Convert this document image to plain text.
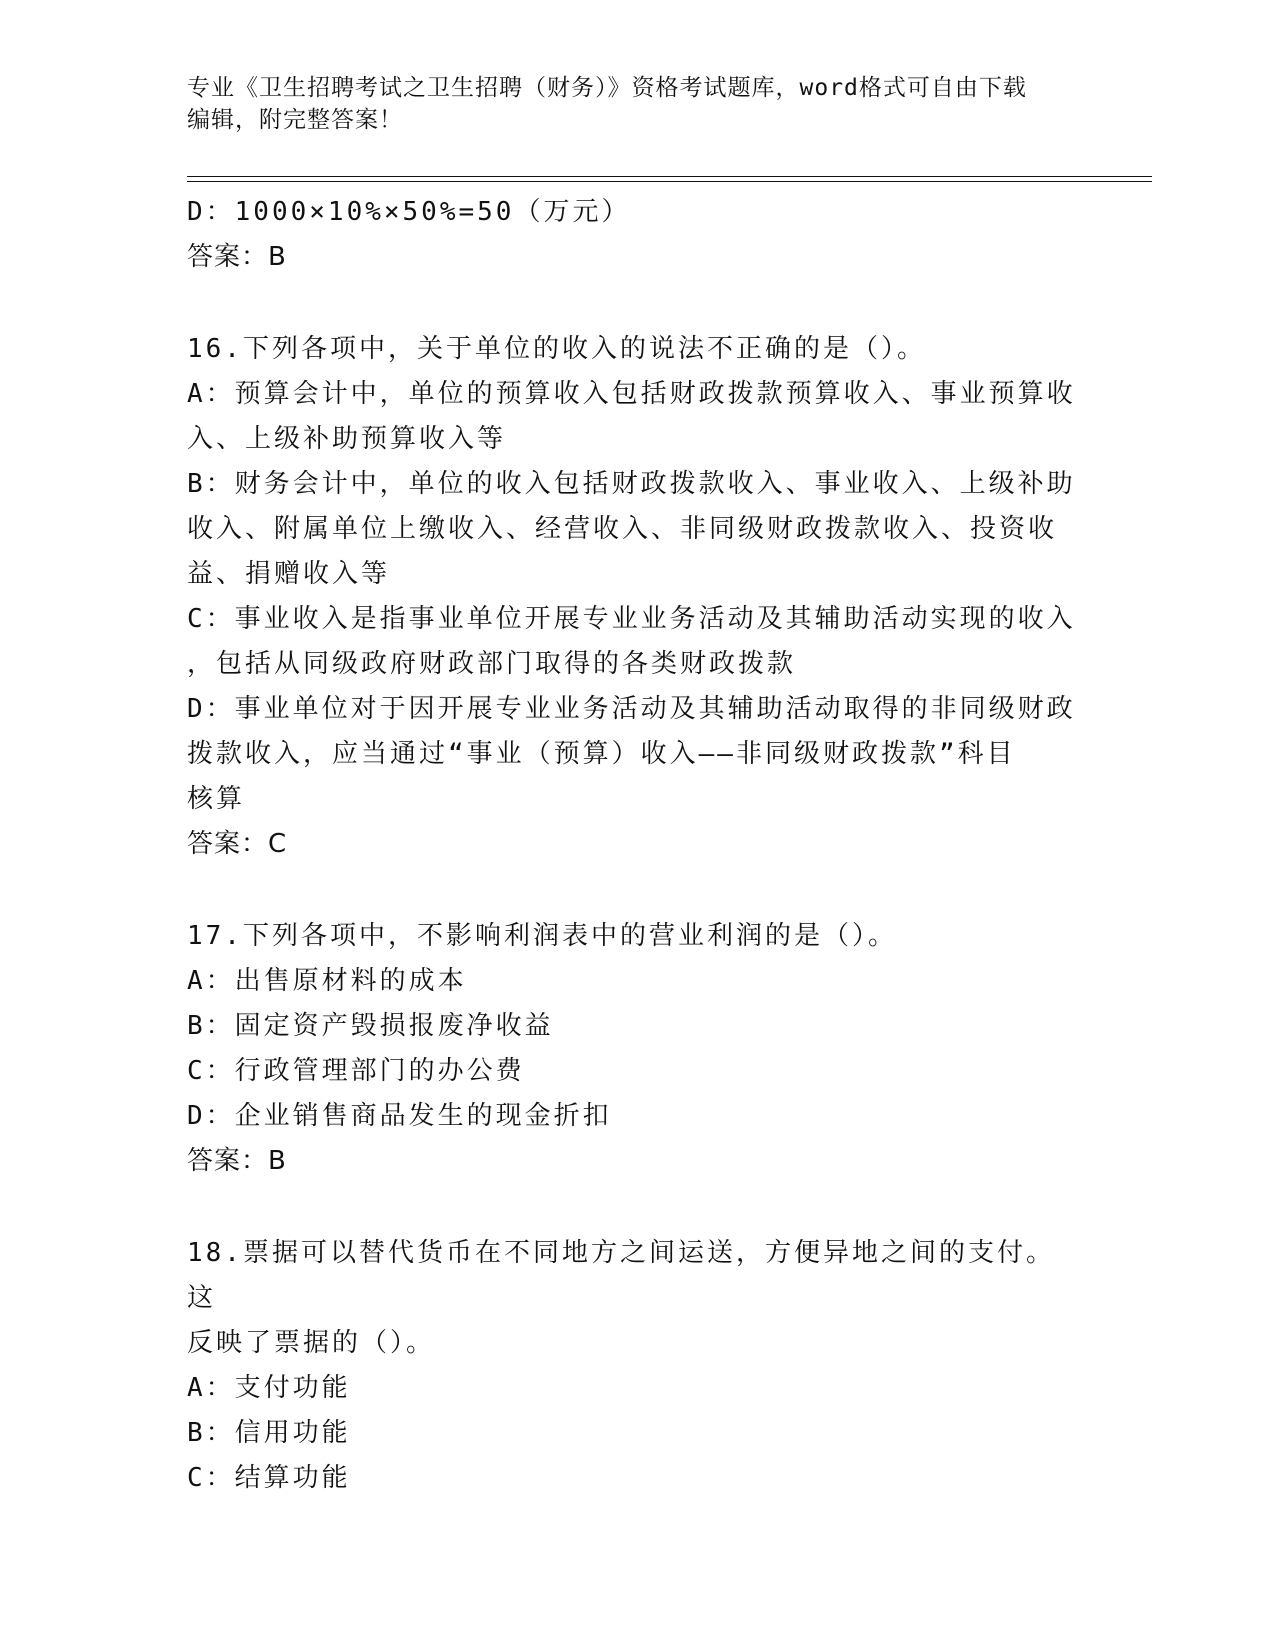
专业《卫生招聘考试之卫生招聘（财务）》资格考试题库，word格式可自由下载
编辑，附完整答案！
D：1000×10%×50%=50（万元）
答案：B
16.下列各项中，关于单位的收入的说法不正确的是（）。
A：预算会计中，单位的预算收入包括财政拨款预算收入、事业预算收
入、上级补助预算收入等
B：财务会计中，单位的收入包括财政拨款收入、事业收入、上级补助
收入、附属单位上缴收入、经营收入、非同级财政拨款收入、投资收
益、捐赠收入等
C：事业收入是指事业单位开展专业业务活动及其辅助活动实现的收入
，包括从同级政府财政部门取得的各类财政拨款
D：事业单位对于因开展专业业务活动及其辅助活动取得的非同级财政
拨款收入，应当通过“事业（预算）收入——非同级财政拨款”科目
核算
答案：C
17.下列各项中，不影响利润表中的营业利润的是（）。
A：出售原材料的成本
B：固定资产毁损报废净收益
C：行政管理部门的办公费
D：企业销售商品发生的现金折扣
答案：B
18.票据可以替代货币在不同地方之间运送，方便异地之间的支付。这
反映了票据的（）。
A：支付功能
B：信用功能
C：结算功能
